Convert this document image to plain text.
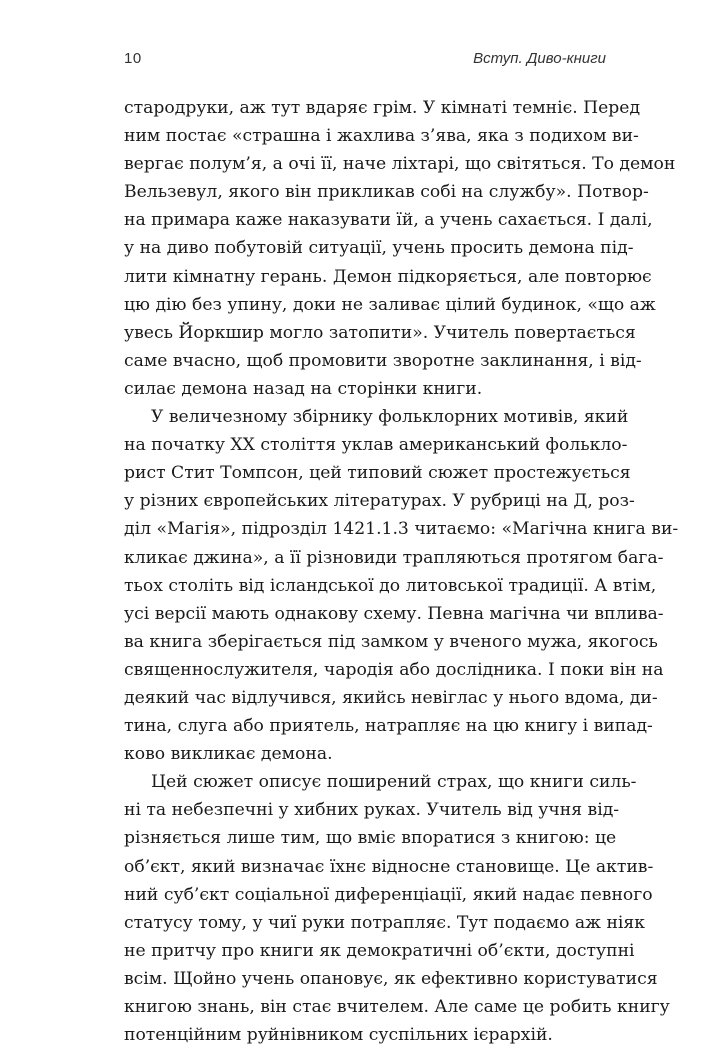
10	Вступ. Диво-книги
стародруки, аж тут вдаряє грім. У кімнаті темніє. Перед
ним постає «страшна і жахлива з’ява, яка з подихом ви-
вергає полум’я, а очі її, наче ліхтарі, що світяться. То демон
Вельзевул, якого він прикликав собі на службу». Потвор-
на примара каже наказувати їй, а учень сахається. І далі,
у на диво побутовій ситуації, учень просить демона під-
лити кімнатну герань. Демон підкоряється, але повторює
цю дію без упину, доки не заливає цілий будинок, «що аж
увесь Йоркшир могло затопити». Учитель повертається
саме вчасно, щоб промовити зворотне заклинання, і від-
силає демона назад на сторінки книги.
У величезному збірнику фольклорних мотивів, який
на початку XX століття уклав американський фолькло-
рист Стит Томпсон, цей типовий сюжет простежується
у різних європейських літературах. У рубриці на Д, роз-
діл «Магія», підрозділ 1421.1.3 читаємо: «Магічна книга ви-
кликає джина», а її різновиди трапляються протягом бага-
тьох століть від ісландської до литовської традиції. А втім,
усі версії мають однакову схему. Певна магічна чи вплива-
ва книга зберігається під замком у вченого мужа, якогось
священнослужителя, чародія або дослідника. І поки він на
деякий час відлучився, якийсь невіглас у нього вдома, ди-
тина, слуга або приятель, натрапляє на цю книгу і випад-
ково викликає демона.
Цей сюжет описує поширений страх, що книги силь-
ні та небезпечні у хибних руках. Учитель від учня від-
різняється лише тим, що вміє впоратися з книгою: це
об’єкт, який визначає їхнє відносне становище. Це актив-
ний суб’єкт соціальної диференціації, який надає певного
статусу тому, у чиї руки потрапляє. Тут подаємо аж ніяк
не притчу про книги як демократичні об’єкти, доступні
всім. Щойно учень опановує, як ефективно користуватися
книгою знань, він стає вчителем. Але саме це робить книгу
потенційним руйнівником суспільних ієрархій.
